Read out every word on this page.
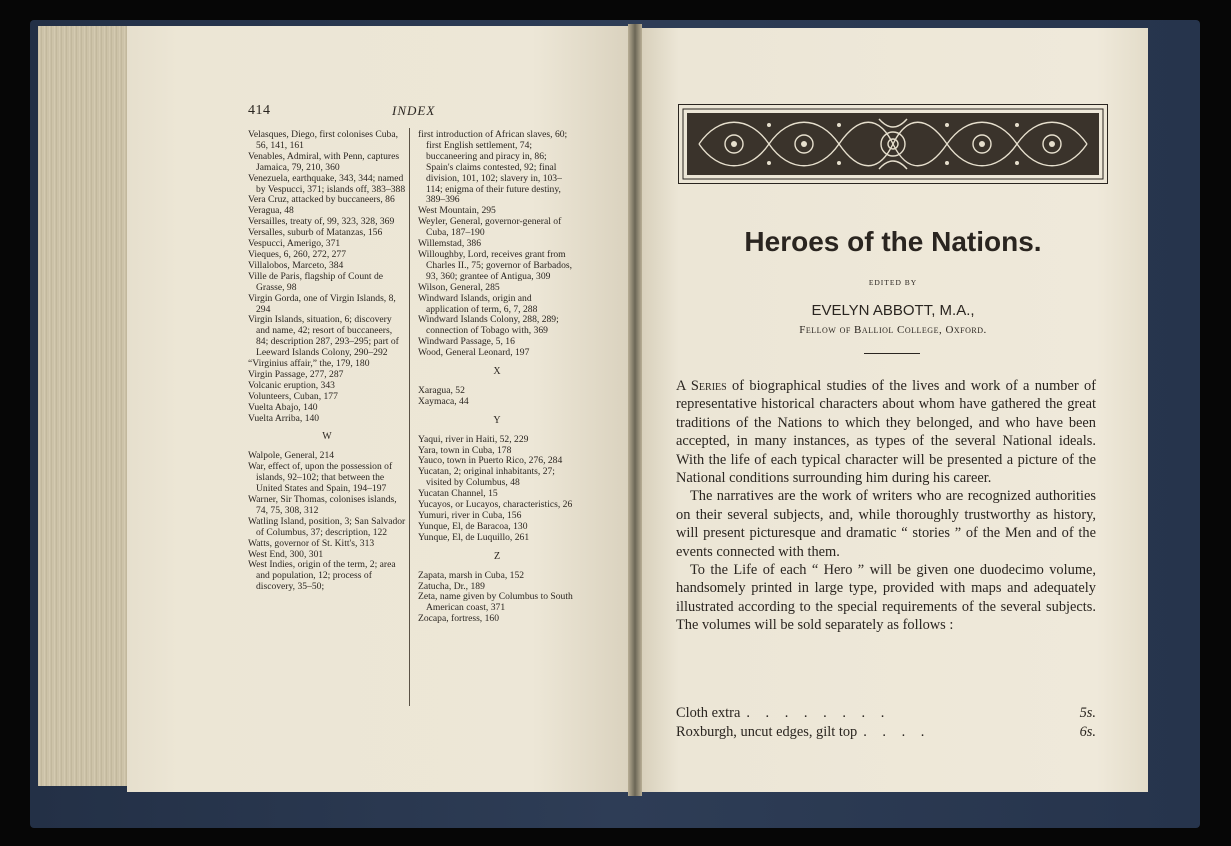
414	INDEX

Velasques, Diego, first colonises Cuba, 56, 141, 161

Venables, Admiral, with Penn, captures Jamaica, 79, 210, 360

Venezuela, earthquake, 343, 344; named by Vespucci, 371; islands off, 383–388

Vera Cruz, attacked by buccaneers, 86

Veragua, 48

Versailles, treaty of, 99, 323, 328, 369

Versalles, suburb of Matanzas, 156

Vespucci, Amerigo, 371

Vieques, 6, 260, 272, 277

Villalobos, Marceto, 384

Ville de Paris, flagship of Count de Grasse, 98

Virgin Gorda, one of Virgin Islands, 8, 294

Virgin Islands, situation, 6; discovery and name, 42; resort of buccaneers, 84; description 287, 293–295; part of Leeward Islands Colony, 290–292

“Virginius affair,” the, 179, 180

Virgin Passage, 277, 287

Volcanic eruption, 343

Volunteers, Cuban, 177

Vuelta Abajo, 140

Vuelta Arriba, 140

W

Walpole, General, 214

War, effect of, upon the possession of islands, 92–102; that between the United States and Spain, 194–197

Warner, Sir Thomas, colonises islands, 74, 75, 308, 312

Watling Island, position, 3; San Salvador of Columbus, 37; description, 122

Watts, governor of St. Kitt's, 313

West End, 300, 301

West Indies, origin of the term, 2; area and population, 12; process of discovery, 35–50;

first introduction of African slaves, 60; first English settlement, 74; buccaneering and piracy in, 86; Spain's claims contested, 92; final division, 101, 102; slavery in, 103–114; enigma of their future destiny, 389–396

West Mountain, 295

Weyler, General, governor-general of Cuba, 187–190

Willemstad, 386

Willoughby, Lord, receives grant from Charles II., 75; governor of Barbados, 93, 360; grantee of Antigua, 309

Wilson, General, 285

Windward Islands, origin and application of term, 6, 7, 288

Windward Islands Colony, 288, 289; connection of Tobago with, 369

Windward Passage, 5, 16

Wood, General Leonard, 197

X

Xaragua, 52

Xaymaca, 44

Y

Yaqui, river in Haiti, 52, 229

Yara, town in Cuba, 178

Yauco, town in Puerto Rico, 276, 284

Yucatan, 2; original inhabitants, 27; visited by Columbus, 48

Yucatan Channel, 15

Yucayos, or Lucayos, characteristics, 26

Yumuri, river in Cuba, 156

Yunque, El, de Baracoa, 130

Yunque, El, de Luquillo, 261

Z

Zapata, marsh in Cuba, 152

Zatucha, Dr., 189

Zeta, name given by Columbus to South American coast, 371

Zocapa, fortress, 160

Heroes of the Nations.
EDITED BY
EVELYN ABBOTT, M.A.,
Fellow of Balliol College, Oxford.

A Series of biographical studies of the lives and work of a number of representative historical characters about whom have gathered the great traditions of the Nations to which they belonged, and who have been accepted, in many instances, as types of the several National ideals. With the life of each typical character will be presented a picture of the National conditions surrounding him during his career.

The narratives are the work of writers who are recognized authorities on their several subjects, and, while thoroughly trustworthy as history, will present picturesque and dramatic “ stories ” of the Men and of the events connected with them.

To the Life of each “ Hero ” will be given one duodecimo volume, handsomely printed in large type, provided with maps and adequately illustrated according to the special requirements of the several subjects. The volumes will be sold separately as follows :

Cloth extra . . . . . . . .	5s.
Roxburgh, uncut edges, gilt top . . . .	6s.
